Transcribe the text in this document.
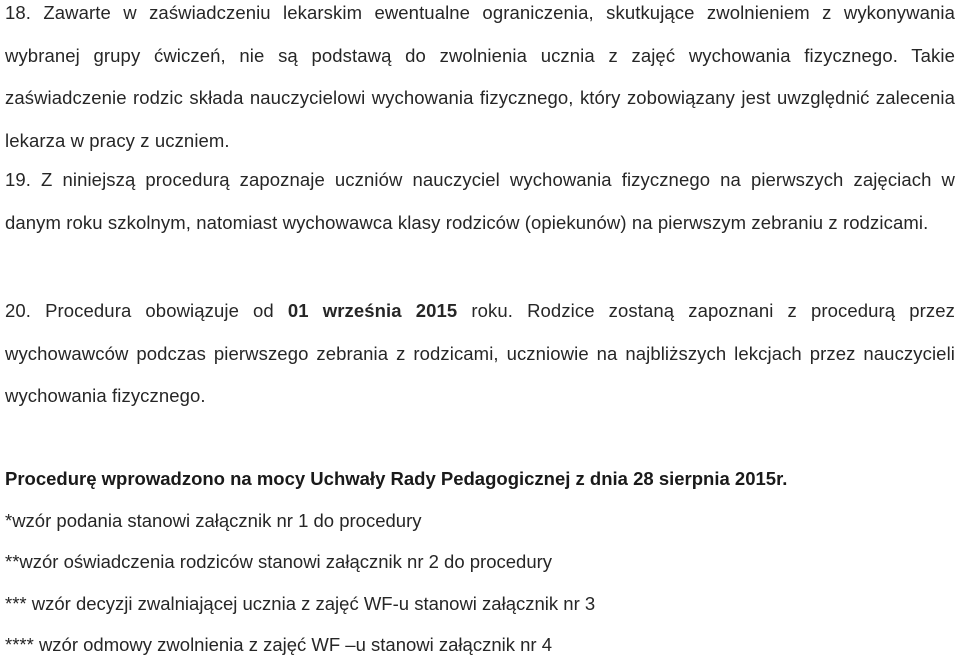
18. Zawarte w zaświadczeniu lekarskim ewentualne ograniczenia, skutkujące zwolnieniem z wykonywania wybranej grupy ćwiczeń, nie są podstawą do zwolnienia ucznia z zajęć wychowania fizycznego. Takie zaświadczenie rodzic składa nauczycielowi wychowania fizycznego, który zobowiązany jest uwzględnić zalecenia lekarza w pracy z uczniem.

19. Z niniejszą procedurą zapoznaje uczniów nauczyciel wychowania fizycznego na pierwszych zajęciach w danym roku szkolnym, natomiast wychowawca klasy rodziców (opiekunów) na pierwszym zebraniu z rodzicami.

20. Procedura obowiązuje od 01 września 2015 roku. Rodzice zostaną zapoznani z procedurą przez wychowawców podczas pierwszego zebrania z rodzicami, uczniowie na najbliższych lekcjach przez nauczycieli wychowania fizycznego.

Procedurę wprowadzono na mocy Uchwały Rady Pedagogicznej z dnia 28 sierpnia 2015r.
*wzór podania stanowi załącznik nr 1 do procedury
**wzór oświadczenia rodziców stanowi załącznik nr 2 do procedury
*** wzór decyzji zwalniającej ucznia z zajęć WF-u stanowi załącznik nr 3
**** wzór odmowy zwolnienia z zajęć WF –u stanowi załącznik nr 4
